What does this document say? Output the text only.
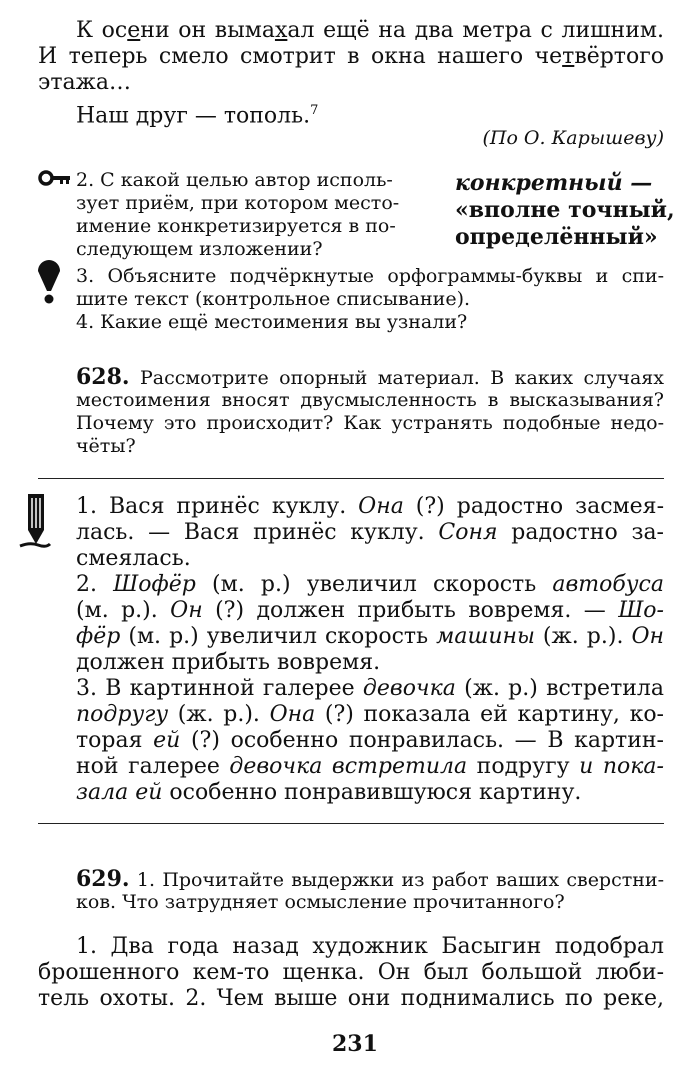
К осени он вымахал ещё на два метра с лишним.
И теперь смело смотрит в окна нашего четвёртого
этажа…
Наш друг — тополь.$^7$
(По О. Карышеву)
2. С какой целью автор исполь-
зует приём, при котором место-
имение конкретизируется в по-
следующем изложении?
конкретный —
«вполне точный,
определённый»
3. Объясните подчёркнутые орфограммы-буквы и спи-
шите текст (контрольное списывание).
4. Какие ещё местоимения вы узнали?
628. Рассмотрите опорный материал. В каких случаях
местоимения вносят двусмысленность в высказывания?
Почему это происходит? Как устранять подобные недо-
чёты?
1. Вася принёс куклу. Она (?) радостно засмея-
лась. — Вася принёс куклу. Соня радостно за-
смеялась.
2. Шофёр (м. р.) увеличил скорость автобуса
(м. р.). Он (?) должен прибыть вовремя. — Шо-
фёр (м. р.) увеличил скорость машины (ж. р.). Он
должен прибыть вовремя.
3. В картинной галерее девочка (ж. р.) встретила
подругу (ж. р.). Она (?) показала ей картину, ко-
торая ей (?) особенно понравилась. — В картин-
ной галерее девочка встретила подругу и пока-
зала ей особенно понравившуюся картину.
629. 1. Прочитайте выдержки из работ ваших сверстни-
ков. Что затрудняет осмысление прочитанного?
1. Два года назад художник Басыгин подобрал
брошенного кем-то щенка. Он был большой люби-
тель охоты. 2. Чем выше они поднимались по реке,
231
